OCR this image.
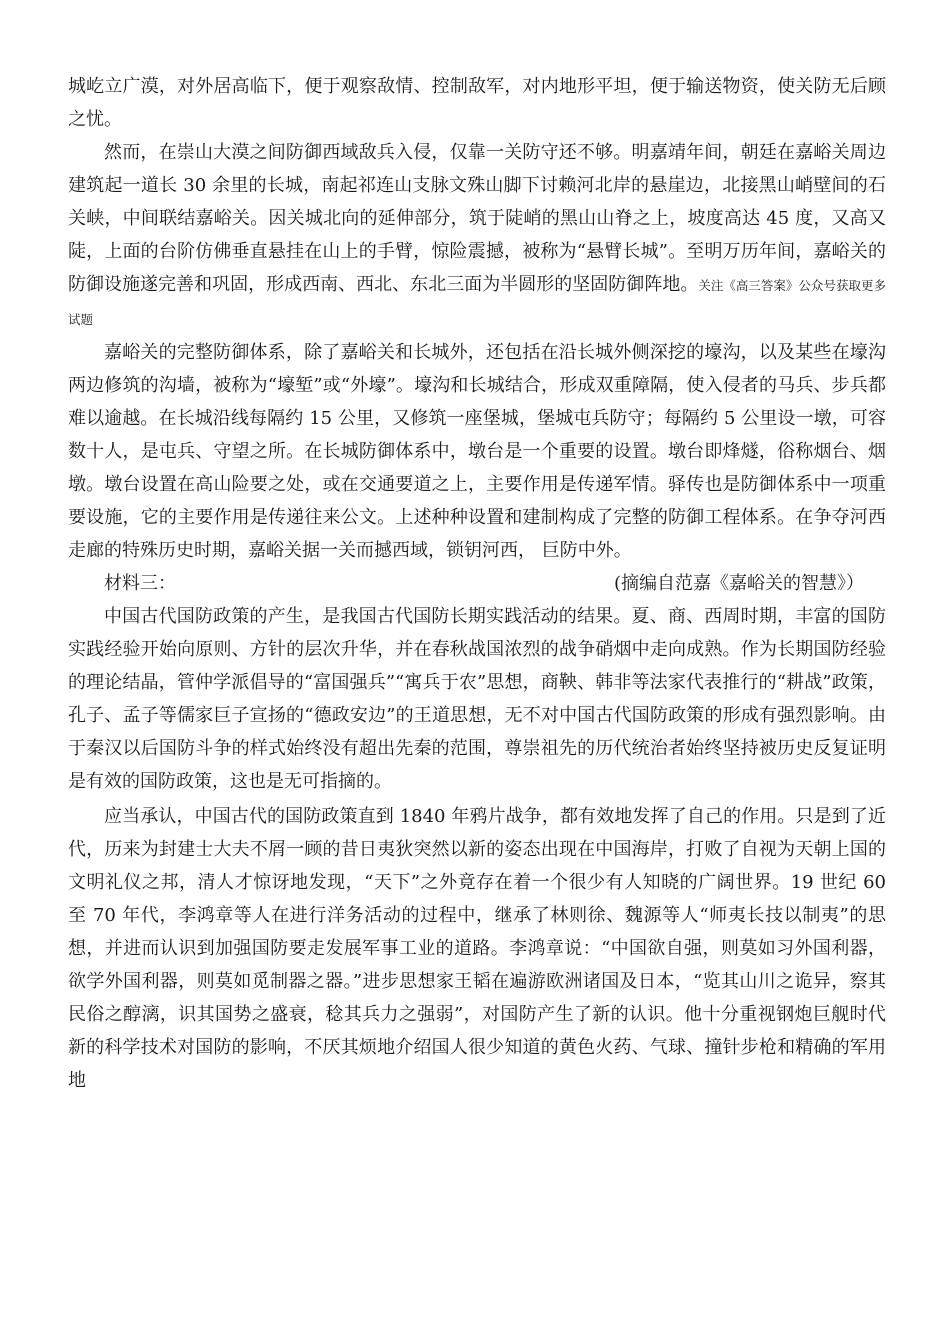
城屹立广漠，对外居高临下，便于观察敌情、控制敌军，对内地形平坦，便于输送物资，使关防无后顾之忧。

然而，在崇山大漠之间防御西域敌兵入侵，仅靠一关防守还不够。明嘉靖年间，朝廷在嘉峪关周边建筑起一道长 30 余里的长城，南起祁连山支脉文殊山脚下讨赖河北岸的悬崖边，北接黑山峭壁间的石关峡，中间联结嘉峪关。因关城北向的延伸部分，筑于陡峭的黑山山脊之上，坡度高达 45 度，又高又陡，上面的台阶仿佛垂直悬挂在山上的手臂，惊险震撼，被称为“悬臂长城”。至明万历年间，嘉峪关的防御设施遂完善和巩固，形成西南、西北、东北三面为半圆形的坚固防御阵地。关注《高三答案》公众号获取更多试题

嘉峪关的完整防御体系，除了嘉峪关和长城外，还包括在沿长城外侧深挖的壕沟，以及某些在壕沟两边修筑的沟墙，被称为“壕堑”或“外壕”。壕沟和长城结合，形成双重障隔，使入侵者的马兵、步兵都难以逾越。在长城沿线每隔约 15 公里，又修筑一座堡城，堡城屯兵防守；每隔约 5 公里设一墩，可容数十人，是屯兵、守望之所。在长城防御体系中，墩台是一个重要的设置。墩台即烽燧，俗称烟台、烟墩。墩台设置在高山险要之处，或在交通要道之上，主要作用是传递军情。驿传也是防御体系中一项重要设施，它的主要作用是传递往来公文。上述种种设置和建制构成了完整的防御工程体系。在争夺河西走廊的特殊历史时期，嘉峪关据一关而撼西域，锁钥河西， 巨防中外。

材料三：	(摘编自范嘉《嘉峪关的智慧》）

中国古代国防政策的产生，是我国古代国防长期实践活动的结果。夏、商、西周时期，丰富的国防实践经验开始向原则、方针的层次升华，并在春秋战国浓烈的战争硝烟中走向成熟。作为长期国防经验的理论结晶，管仲学派倡导的“富国强兵”“寓兵于农”思想，商鞅、韩非等法家代表推行的“耕战”政策，孔子、孟子等儒家巨子宣扬的“德政安边”的王道思想，无不对中国古代国防政策的形成有强烈影响。由于秦汉以后国防斗争的样式始终没有超出先秦的范围，尊崇祖先的历代统治者始终坚持被历史反复证明是有效的国防政策，这也是无可指摘的。

应当承认，中国古代的国防政策直到 1840 年鸦片战争，都有效地发挥了自己的作用。只是到了近代，历来为封建士大夫不屑一顾的昔日夷狄突然以新的姿态出现在中国海岸，打败了自视为天朝上国的文明礼仪之邦，清人才惊讶地发现，“天下”之外竟存在着一个很少有人知晓的广阔世界。19 世纪 60 至 70 年代，李鸿章等人在进行洋务活动的过程中，继承了林则徐、魏源等人“师夷长技以制夷”的思想，并进而认识到加强国防要走发展军事工业的道路。李鸿章说：“中国欲自强，则莫如习外国利器，欲学外国利器，则莫如觅制器之器。”进步思想家王韬在遍游欧洲诸国及日本，“览其山川之诡异，察其民俗之醇漓，识其国势之盛衰，稔其兵力之强弱”，对国防产生了新的认识。他十分重视钢炮巨舰时代新的科学技术对国防的影响，不厌其烦地介绍国人很少知道的黄色火药、气球、撞针步枪和精确的军用地
